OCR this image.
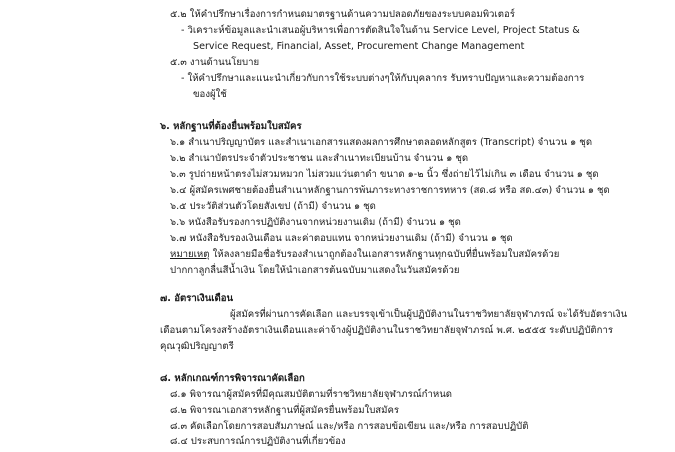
๕.๒ ให้คำปรึกษาเรื่องการกำหนดมาตรฐานด้านความปลอดภัยของระบบคอมพิวเตอร์
- วิเคราะห์ข้อมูลและนำเสนอผู้บริหารเพื่อการตัดสินใจในด้าน Service Level, Project Status &
Service Request, Financial, Asset, Procurement Change Management
๕.๓ งานด้านนโยบาย
- ให้คำปรึกษาและแนะนำเกี่ยวกับการใช้ระบบต่างๆให้กับบุคลากร รับทราบปัญหาและความต้องการ
ของผู้ใช้
๖. หลักฐานที่ต้องยื่นพร้อมใบสมัคร
๖.๑ สำเนาปริญญาบัตร และสำเนาเอกสารแสดงผลการศึกษาตลอดหลักสูตร (Transcript) จำนวน ๑ ชุด
๖.๒ สำเนาบัตรประจำตัวประชาชน และสำเนาทะเบียนบ้าน จำนวน ๑ ชุด
๖.๓ รูปถ่ายหน้าตรงไม่สวมหมวก ไม่สวมแว่นตาดำ ขนาด ๑-๒ นิ้ว ซึ่งถ่ายไว้ไม่เกิน ๓ เดือน จำนวน ๑ ชุด
๖.๔ ผู้สมัครเพศชายต้องยื่นสำเนาหลักฐานการพ้นภาระทางราชการทหาร (สด.๘ หรือ สด.๔๓) จำนวน ๑ ชุด
๖.๕ ประวัติส่วนตัวโดยสังเขป (ถ้ามี) จำนวน ๑ ชุด
๖.๖ หนังสือรับรองการปฏิบัติงานจากหน่วยงานเดิม (ถ้ามี) จำนวน ๑ ชุด
๖.๗ หนังสือรับรองเงินเดือน และค่าตอบแทน จากหน่วยงานเดิม (ถ้ามี) จำนวน ๑ ชุด
หมายเหตุ ให้ลงลายมือชื่อรับรองสำเนาถูกต้องในเอกสารหลักฐานทุกฉบับที่ยื่นพร้อมใบสมัครด้วย
ปากกาลูกลื่นสีน้ำเงิน โดยให้นำเอกสารต้นฉบับมาแสดงในวันสมัครด้วย
๗. อัตราเงินเดือน
ผู้สมัครที่ผ่านการคัดเลือก และบรรจุเข้าเป็นผู้ปฏิบัติงานในราชวิทยาลัยจุฬาภรณ์ จะได้รับอัตราเงิน
เดือนตามโครงสร้างอัตราเงินเดือนและค่าจ้างผู้ปฏิบัติงานในราชวิทยาลัยจุฬาภรณ์ พ.ศ. ๒๕๕๕ ระดับปฏิบัติการ
คุณวุฒิปริญญาตรี
๘. หลักเกณฑ์การพิจารณาคัดเลือก
๘.๑ พิจารณาผู้สมัครที่มีคุณสมบัติตามที่ราชวิทยาลัยจุฬาภรณ์กำหนด
๘.๒ พิจารณาเอกสารหลักฐานที่ผู้สมัครยื่นพร้อมใบสมัคร
๘.๓ คัดเลือกโดยการสอบสัมภาษณ์ และ/หรือ การสอบข้อเขียน และ/หรือ การสอบปฏิบัติ
๘.๔ ประสบการณ์การปฏิบัติงานที่เกี่ยวข้อง
